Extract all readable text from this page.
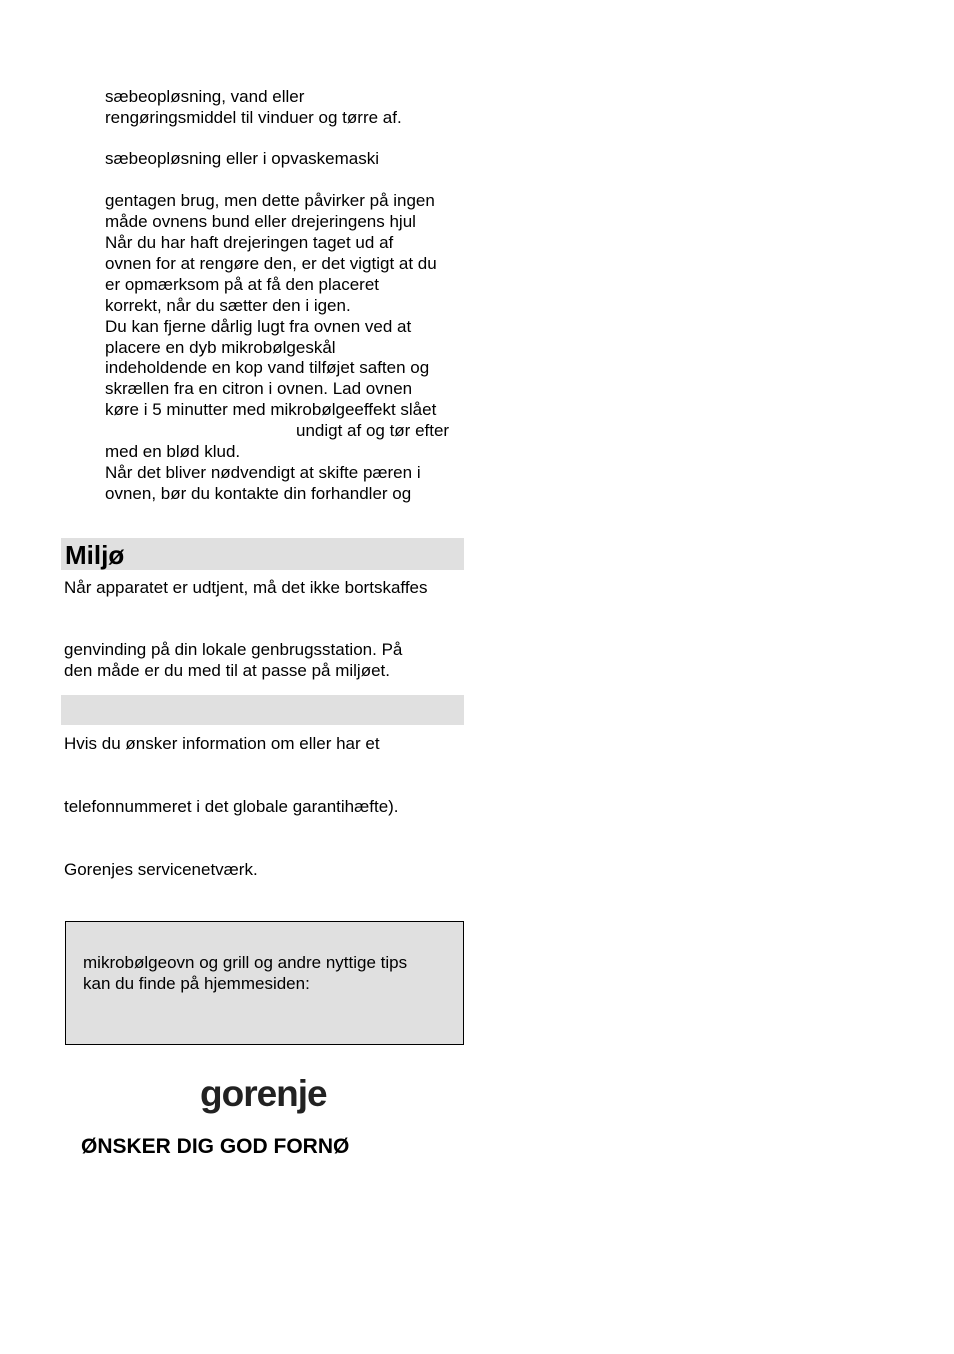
sæbeopløsning, vand eller
rengøringsmiddel til vinduer og tørre af.
sæbeopløsning eller i opvaskemaski
gentagen brug, men dette påvirker på ingen
måde ovnens bund eller drejeringens hjul
Når du har haft drejeringen taget ud af
ovnen for at rengøre den, er det vigtigt at du
er opmærksom på at få den placeret
korrekt, når du sætter den i igen.
Du kan fjerne dårlig lugt fra ovnen ved at
placere en dyb mikrobølgeskål
indeholdende en kop vand tilføjet saften og
skrællen fra en citron i ovnen. Lad ovnen
køre i 5 minutter med mikrobølgeeffekt slået
undigt af og tør efter
med en blød klud.
Når det bliver nødvendigt at skifte pæren i
ovnen, bør du kontakte din forhandler og
Miljø
Når apparatet er udtjent, må det ikke bortskaffes
genvinding på din lokale genbrugsstation. På
den måde er du med til at passe på miljøet.
Hvis du ønsker information om eller har et
telefonnummeret i det globale garantihæfte).
Gorenjes servicenetværk.
mikrobølgeovn og grill og andre nyttige tips
kan du finde på hjemmesiden:
gorenje
ØNSKER DIG GOD FORNØ
